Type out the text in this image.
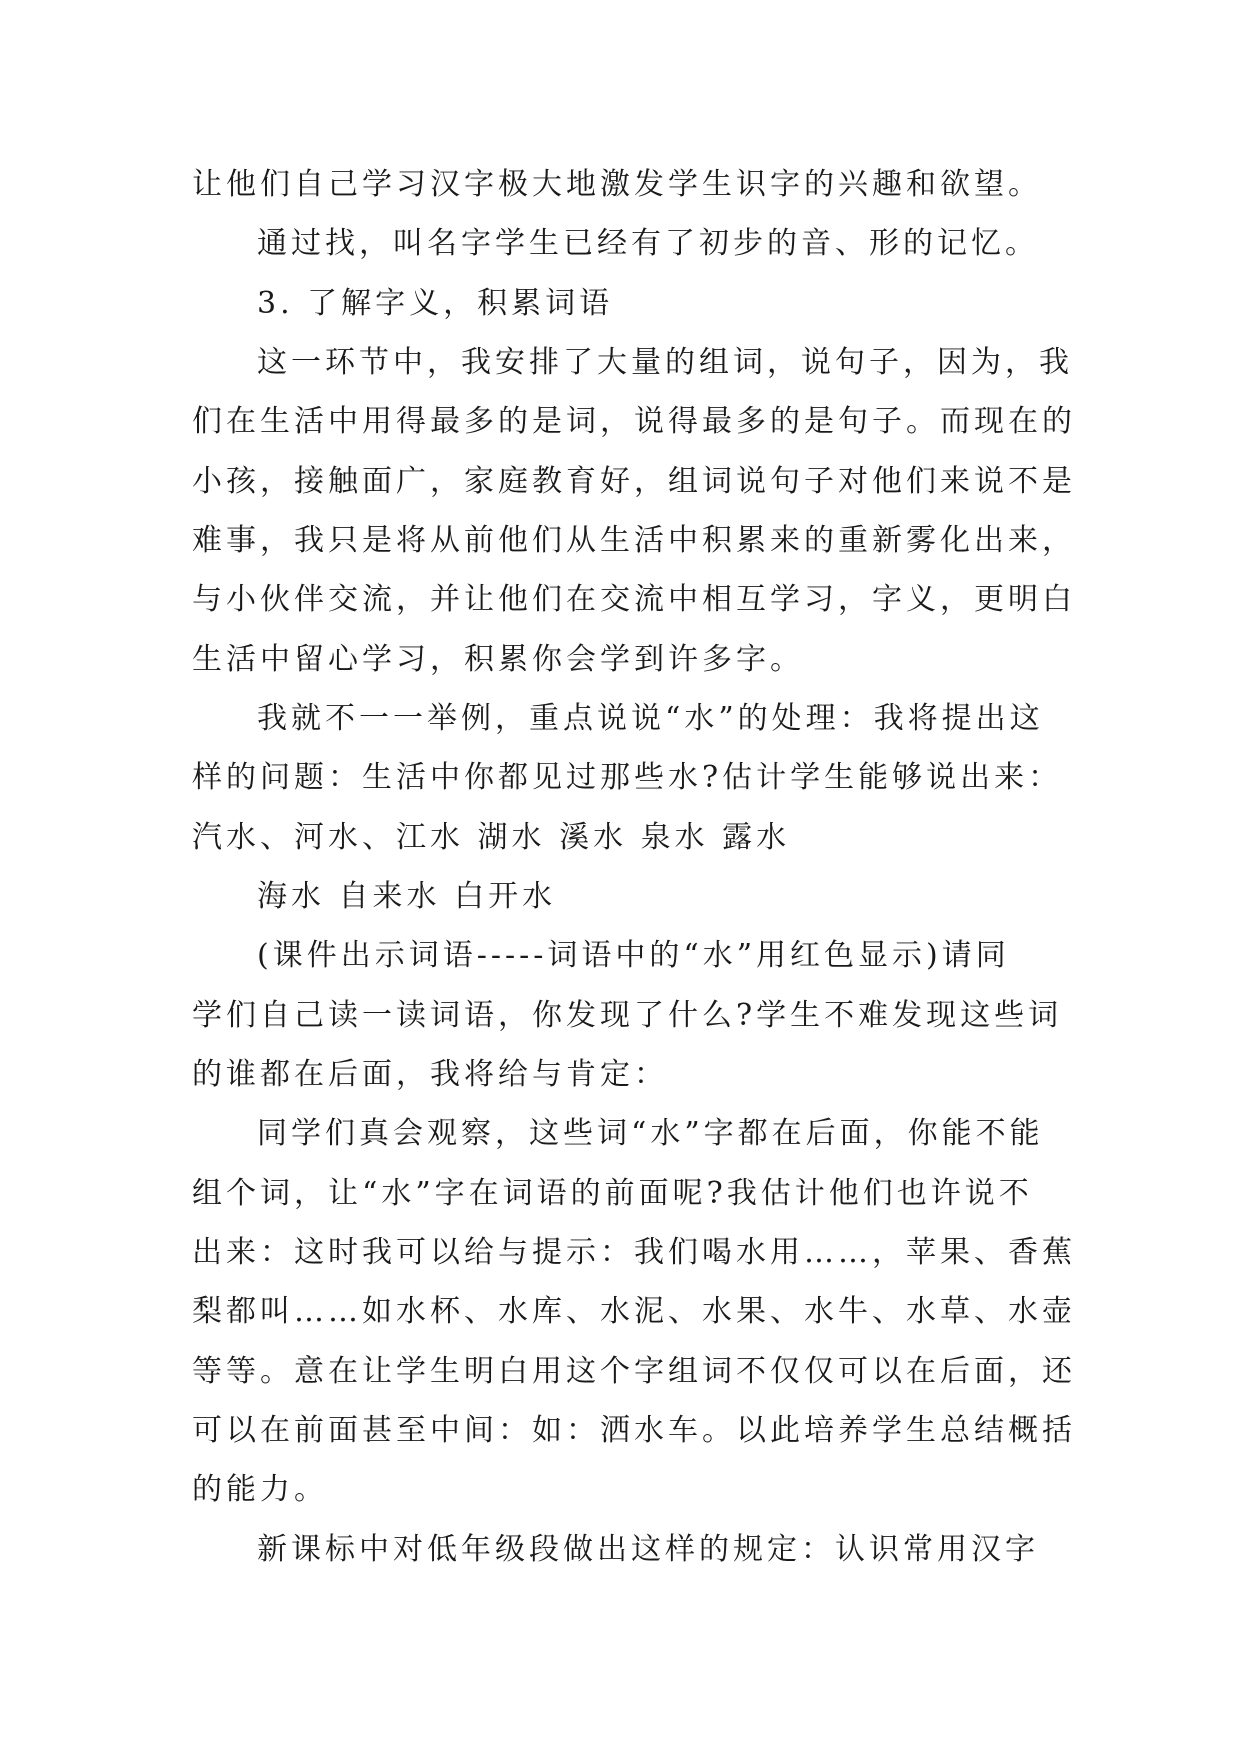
让他们自己学习汉字极大地激发学生识字的兴趣和欲望。

通过找，叫名字学生已经有了初步的音、形的记忆。

3. 了解字义，积累词语

这一环节中，我安排了大量的组词，说句子，因为，我

们在生活中用得最多的是词，说得最多的是句子。而现在的

小孩，接触面广，家庭教育好，组词说句子对他们来说不是

难事，我只是将从前他们从生活中积累来的重新雾化出来，

与小伙伴交流，并让他们在交流中相互学习，字义，更明白

生活中留心学习，积累你会学到许多字。

我就不一一举例，重点说说“水”的处理：我将提出这

样的问题：生活中你都见过那些水?估计学生能够说出来：

汽水、河水、江水 湖水 溪水 泉水 露水

海水 自来水 白开水

(课件出示词语-----词语中的“水”用红色显示)请同

学们自己读一读词语，你发现了什么?学生不难发现这些词

的谁都在后面，我将给与肯定：

同学们真会观察，这些词“水”字都在后面，你能不能

组个词，让“水”字在词语的前面呢?我估计他们也许说不

出来：这时我可以给与提示：我们喝水用……，苹果、香蕉

梨都叫……如水杯、水库、水泥、水果、水牛、水草、水壶

等等。意在让学生明白用这个字组词不仅仅可以在后面，还

可以在前面甚至中间：如：洒水车。以此培养学生总结概括

的能力。

新课标中对低年级段做出这样的规定：认识常用汉字
